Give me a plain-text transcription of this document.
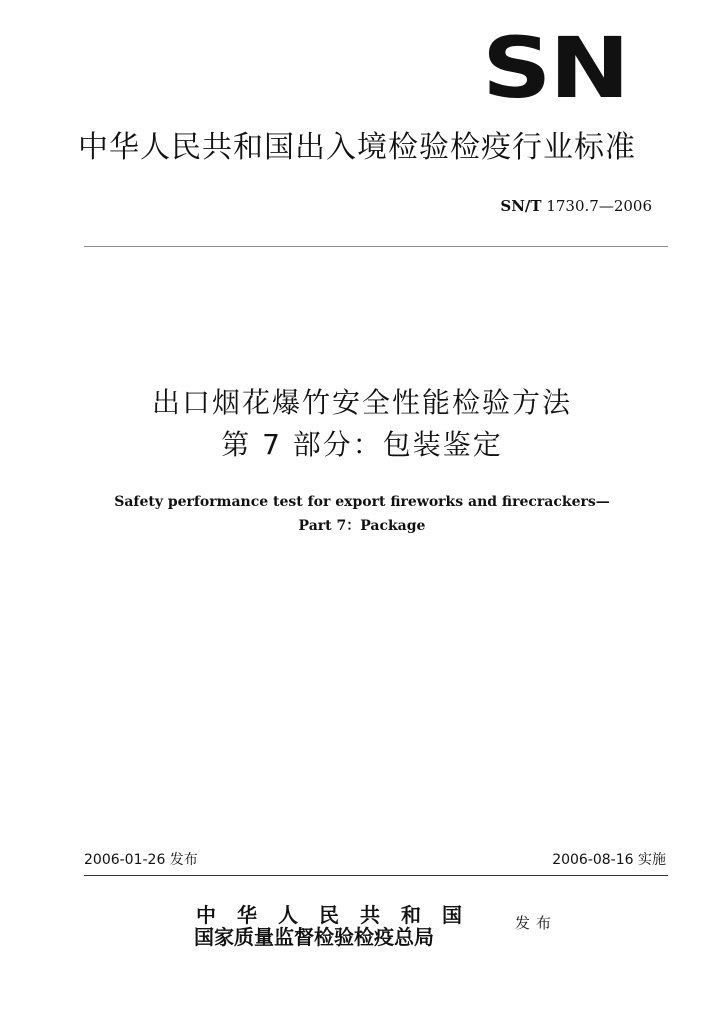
SN
中华人民共和国出入境检验检疫行业标准
SN/T 1730.7—2006
出口烟花爆竹安全性能检验方法
第 7 部分：包装鉴定
Safety performance test for export fireworks and firecrackers—
Part 7：Package
2006-01-26 发布	2006-08-16 实施
中华人民共和国
国家质量监督检验检疫总局
发布
